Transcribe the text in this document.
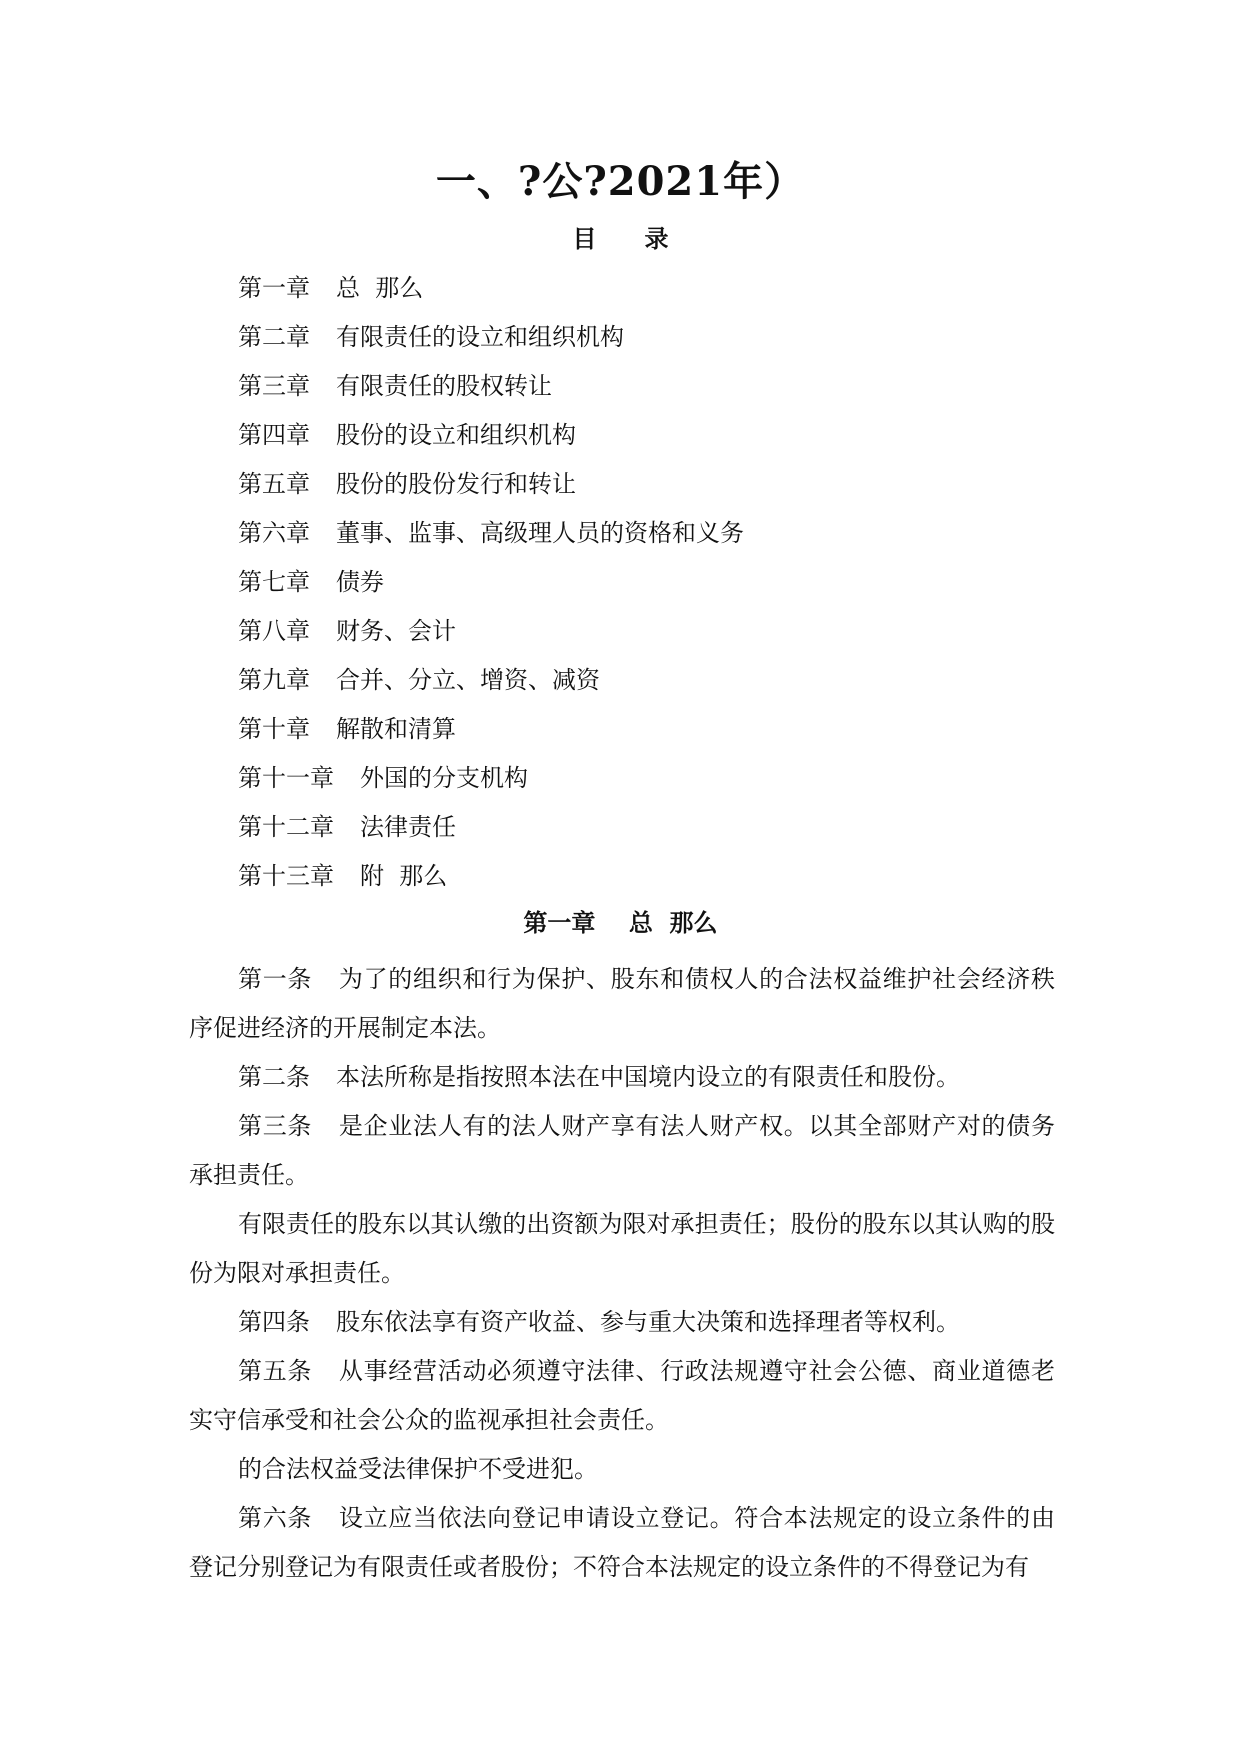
一、?公?2021年）
目 录
第一章 总  那么
第二章 有限责任的设立和组织机构
第三章 有限责任的股权转让
第四章 股份的设立和组织机构
第五章 股份的股份发行和转让
第六章 董事、监事、高级理人员的资格和义务
第七章 债券
第八章 财务、会计
第九章 合并、分立、增资、减资
第十章 解散和清算
第十一章 外国的分支机构
第十二章 法律责任
第十三章 附  那么
第一章    总  那么

第一条 为了的组织和行为保护、股东和债权人的合法权益维护社会经济秩序促进经济的开展制定本法。

第二条 本法所称是指按照本法在中国境内设立的有限责任和股份。

第三条 是企业法人有的法人财产享有法人财产权。以其全部财产对的债务承担责任。

有限责任的股东以其认缴的出资额为限对承担责任；股份的股东以其认购的股份为限对承担责任。

第四条 股东依法享有资产收益、参与重大决策和选择理者等权利。

第五条 从事经营活动必须遵守法律、行政法规遵守社会公德、商业道德老实守信承受和社会公众的监视承担社会责任。

的合法权益受法律保护不受进犯。

第六条 设立应当依法向登记申请设立登记。符合本法规定的设立条件的由登记分别登记为有限责任或者股份；不符合本法规定的设立条件的不得登记为有
